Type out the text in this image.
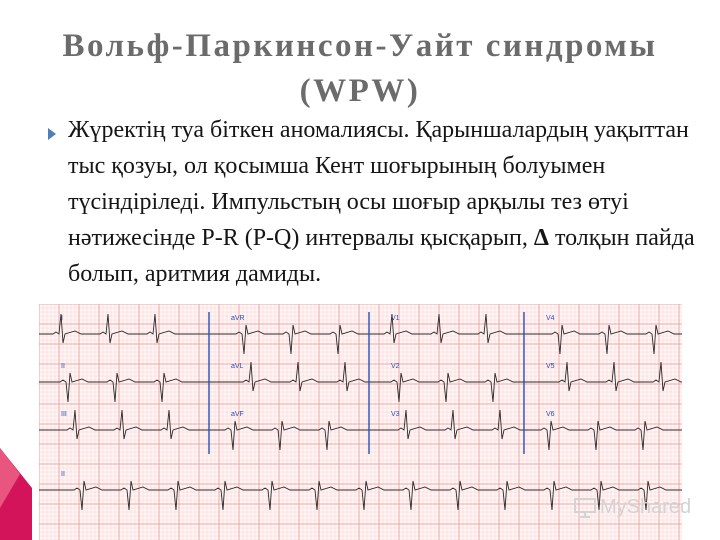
Вольф-Паркинсон-Уайт синдромы
(WPW)
Жүректің туа біткен аномалиясы. Қарыншалардың уақыттан тыс қозуы, ол қосымша Кент шоғырының болуымен түсіндіріледі. Импульстың осы шоғыр арқылы тез өтуі нәтижесінде P-R (P-Q) интервалы қысқарып, Δ толқын пайда болып, аритмия дамиды.
I	aVR	V1	V4
II	aVL	V2	V5
III	aVF	V3	V6
II
MyShared
